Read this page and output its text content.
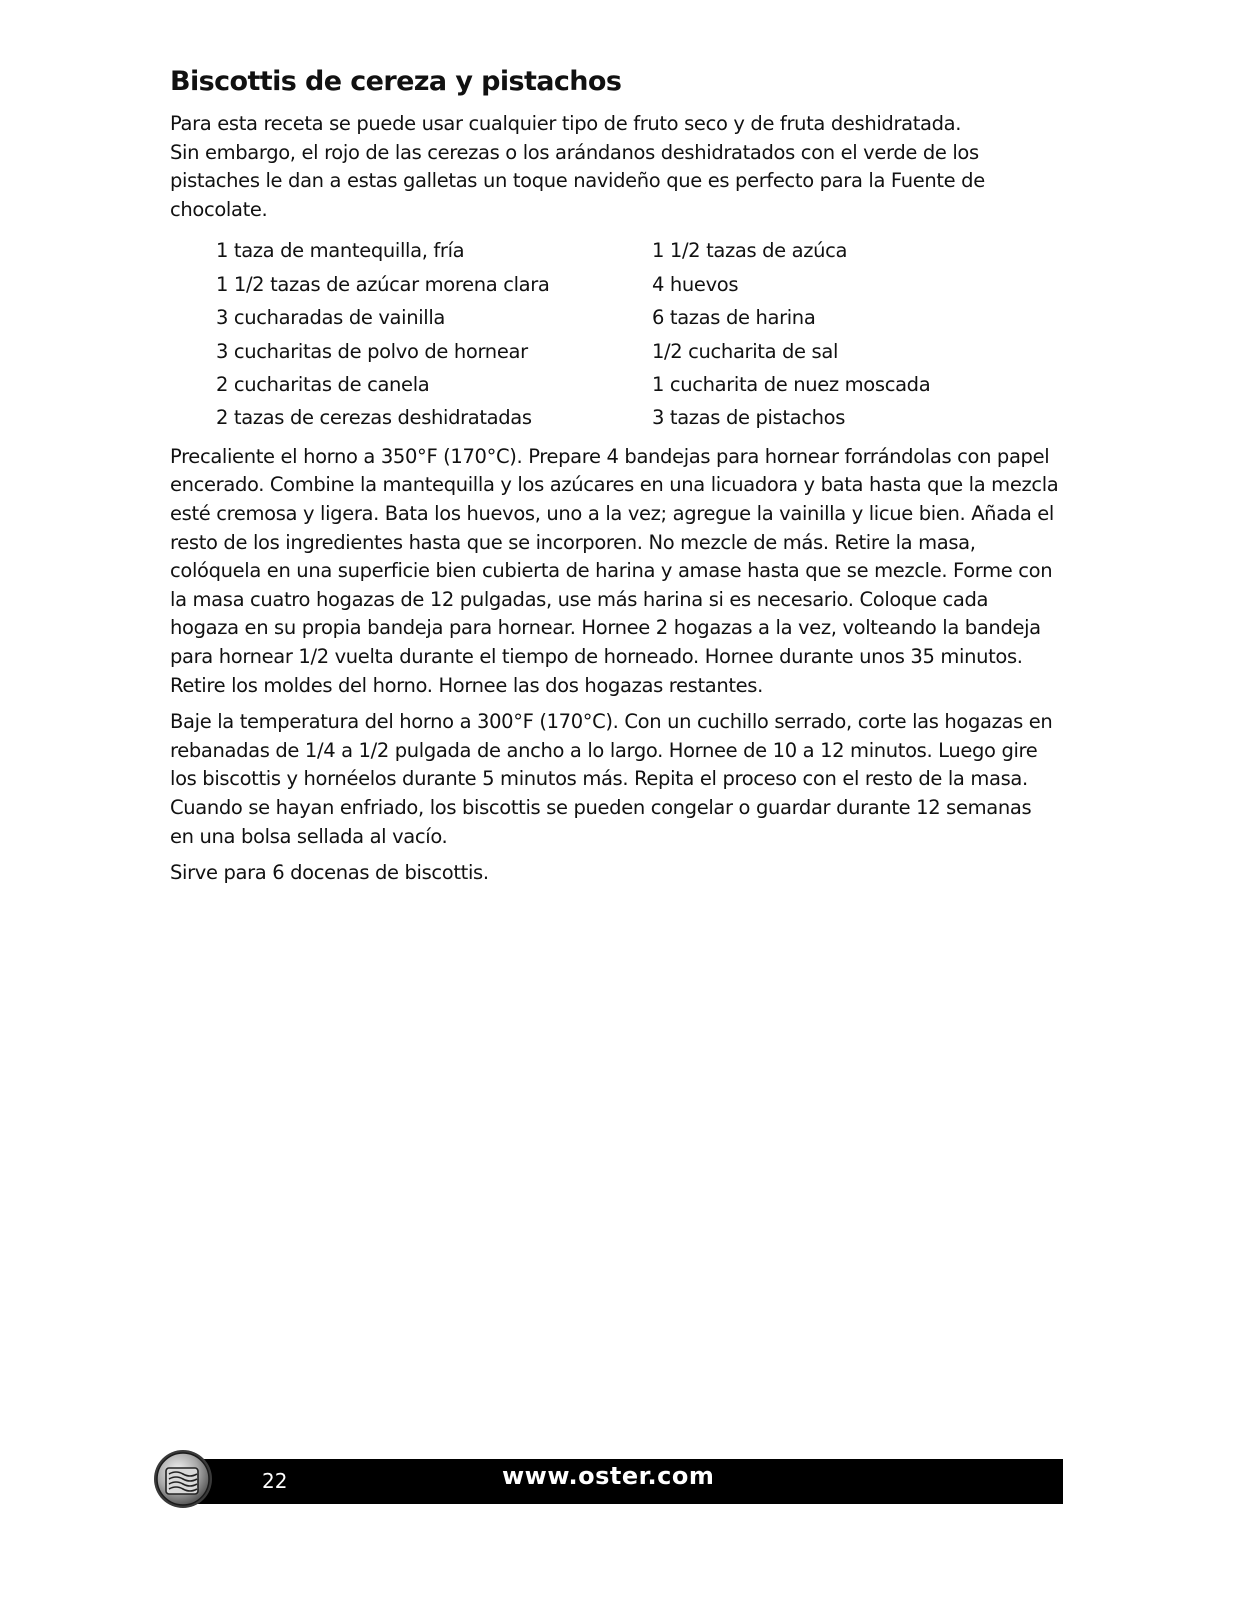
Biscottis de cereza y pistachos

Para esta receta se puede usar cualquier tipo de fruto seco y de fruta deshidratada. Sin embargo, el rojo de las cerezas o los arándanos deshidratados con el verde de los pistaches le dan a estas galletas un toque navideño que es perfecto para la Fuente de chocolate.

1 taza de mantequilla, fría	1 1/2 tazas de azúca
1 1/2 tazas de azúcar morena clara	4 huevos
3 cucharadas de vainilla	6 tazas de harina
3 cucharitas de polvo de hornear	1/2 cucharita de sal
2 cucharitas de canela	1 cucharita de nuez moscada
2 tazas de cerezas deshidratadas	3 tazas de pistachos

Precaliente el horno a 350°F (170°C). Prepare 4 bandejas para hornear forrándolas con papel encerado. Combine la mantequilla y los azúcares en una licuadora y bata hasta que la mezcla esté cremosa y ligera. Bata los huevos, uno a la vez; agregue la vainilla y licue bien. Añada el resto de los ingredientes hasta que se incorporen. No mezcle de más. Retire la masa, colóquela en una superficie bien cubierta de harina y amase hasta que se mezcle. Forme con la masa cuatro hogazas de 12 pulgadas, use más harina si es necesario. Coloque cada hogaza en su propia bandeja para hornear. Hornee 2 hogazas a la vez, volteando la bandeja para hornear 1/2 vuelta durante el tiempo de horneado. Hornee durante unos 35 minutos. Retire los moldes del horno. Hornee las dos hogazas restantes.

Baje la temperatura del horno a 300°F (170°C). Con un cuchillo serrado, corte las hogazas en rebanadas de 1/4 a 1/2 pulgada de ancho a lo largo. Hornee de 10 a 12 minutos. Luego gire los biscottis y hornéelos durante 5 minutos más. Repita el proceso con el resto de la masa. Cuando se hayan enfriado, los biscottis se pueden congelar o guardar durante 12 semanas en una bolsa sellada al vacío.

Sirve para 6 docenas de biscottis.

22	www.oster.com
